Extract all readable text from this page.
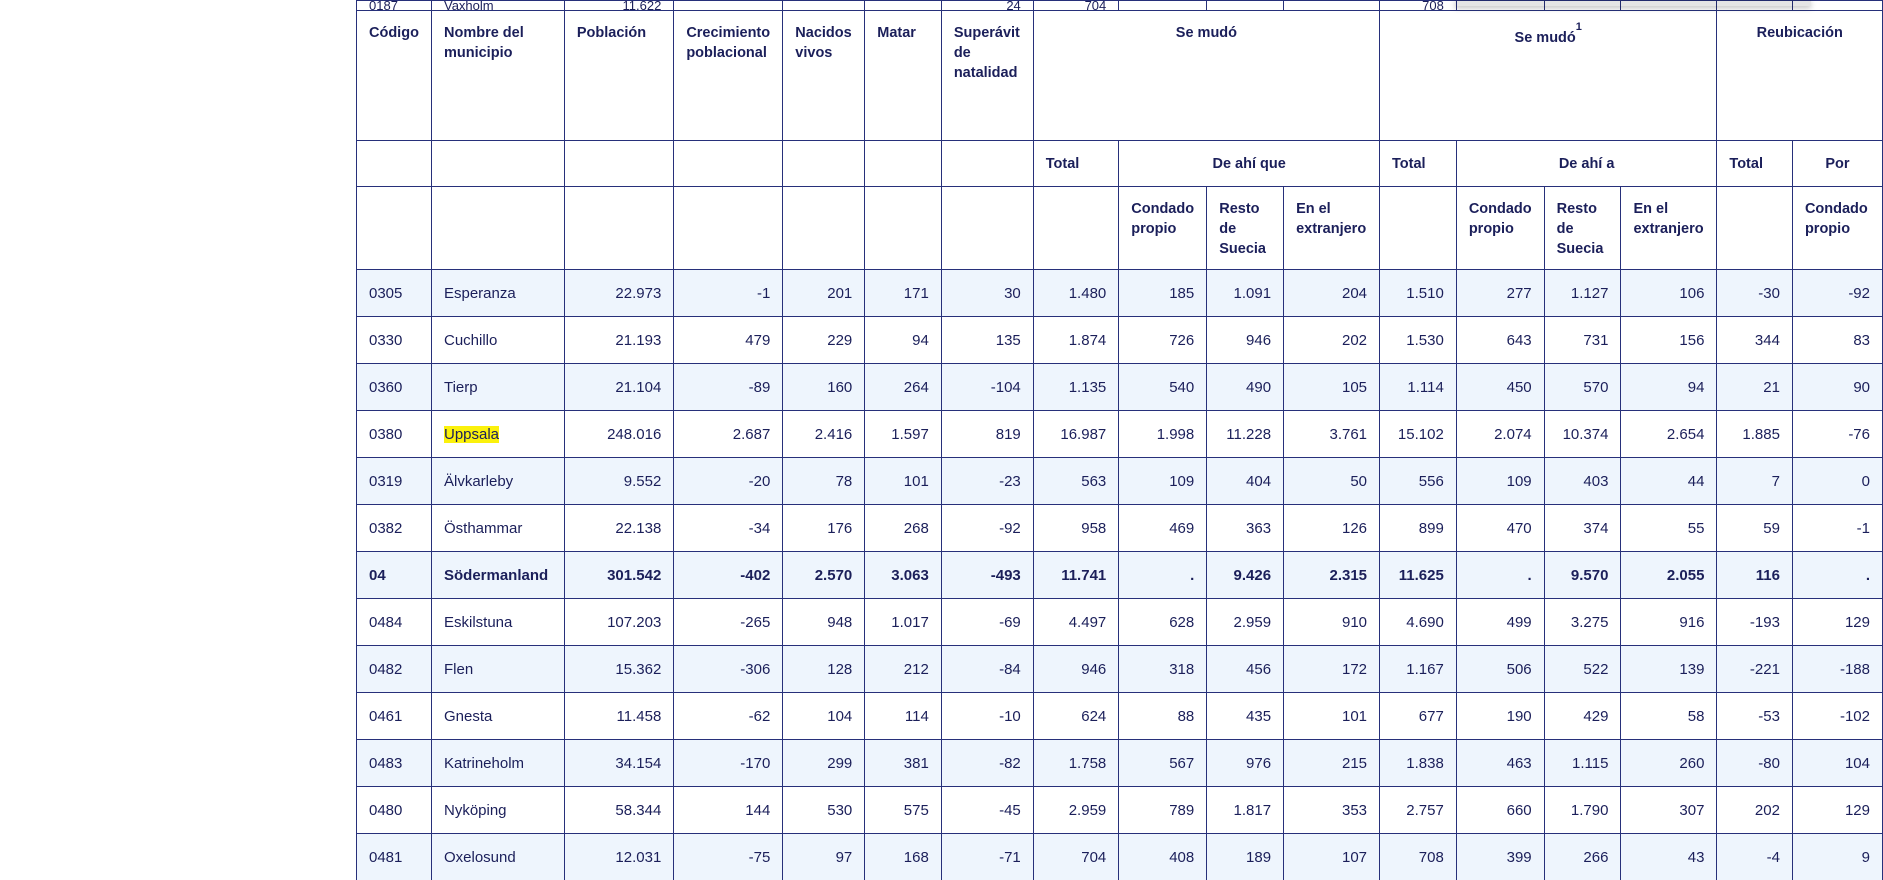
0187	Vaxholm	11.622				24	704				708					
Código	Nombre del municipio	Población	Crecimiento poblacional	Nacidos vivos	Matar	Superávit de natalidad	Se mudó				Se mudó$^1$				Reubicación	
							Total	De ahí que			Total	De ahí a			Total	Por
								Condado propio	Resto de Suecia	En el extranjero		Condado propio	Resto de Suecia	En el extranjero		Condado propio
0305	Esperanza	22.973	-1	201	171	30	1.480	185	1.091	204	1.510	277	1.127	106	-30	-92
0330	Cuchillo	21.193	479	229	94	135	1.874	726	946	202	1.530	643	731	156	344	83
0360	Tierp	21.104	-89	160	264	-104	1.135	540	490	105	1.114	450	570	94	21	90
0380	Uppsala	248.016	2.687	2.416	1.597	819	16.987	1.998	11.228	3.761	15.102	2.074	10.374	2.654	1.885	-76
0319	Älvkarleby	9.552	-20	78	101	-23	563	109	404	50	556	109	403	44	7	0
0382	Östhammar	22.138	-34	176	268	-92	958	469	363	126	899	470	374	55	59	-1
04	Södermanland	301.542	-402	2.570	3.063	-493	11.741	.	9.426	2.315	11.625	.	9.570	2.055	116	.
0484	Eskilstuna	107.203	-265	948	1.017	-69	4.497	628	2.959	910	4.690	499	3.275	916	-193	129
0482	Flen	15.362	-306	128	212	-84	946	318	456	172	1.167	506	522	139	-221	-188
0461	Gnesta	11.458	-62	104	114	-10	624	88	435	101	677	190	429	58	-53	-102
0483	Katrineholm	34.154	-170	299	381	-82	1.758	567	976	215	1.838	463	1.115	260	-80	104
0480	Nyköping	58.344	144	530	575	-45	2.959	789	1.817	353	2.757	660	1.790	307	202	129
0481	Oxelosund	12.031	-75	97	168	-71	704	408	189	107	708	399	266	43	-4	9
